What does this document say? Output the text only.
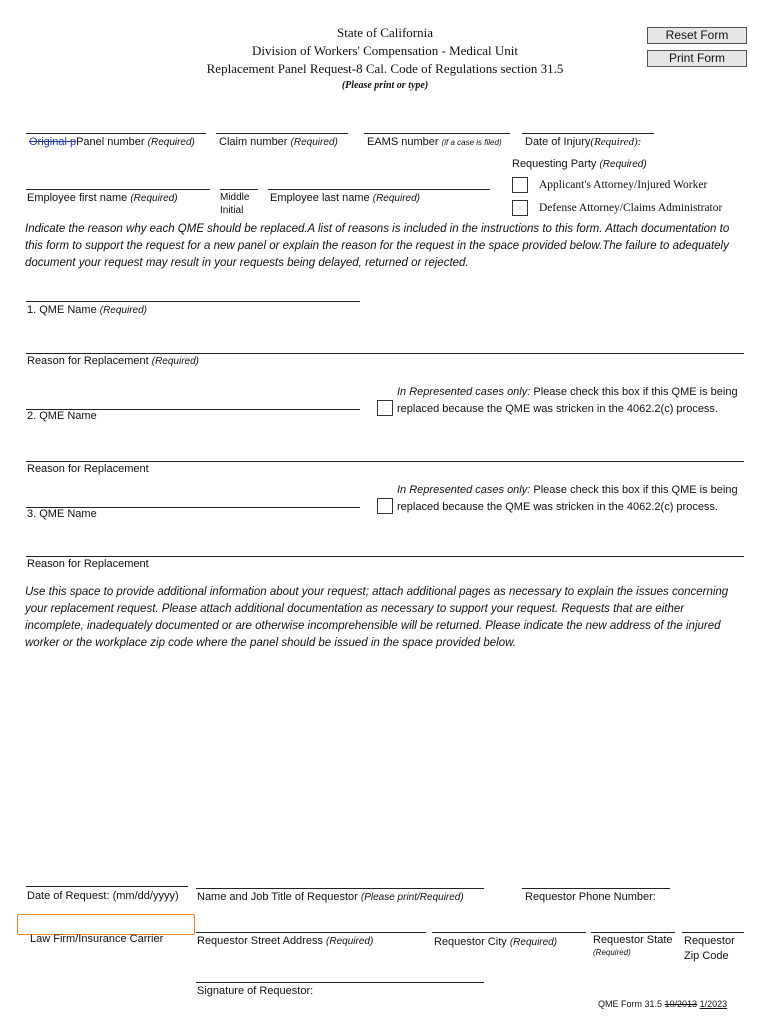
State of California
Division of Workers' Compensation - Medical Unit
Replacement Panel Request-8 Cal. Code of Regulations section 31.5
(Please print or type)
Reset Form
Print Form
Original pPanel number (Required) Claim number (Required)	EAMS number (if a case is filed) Date of Injury(Required):
Requesting Party (Required)
Applicant's Attorney/Injured Worker
Defense Attorney/Claims Administrator
Employee first name (Required)	Middle
Initial
Employee last name (Required)
Indicate the reason why each QME should be replaced.A list of reasons is included in the instructions to this form. Attach documentation to this form to support the request for a new panel or explain the reason for the request in the space provided below.The failure to adequately document your request may result in your requests being delayed, returned or rejected.
1. QME Name (Required)
Reason for Replacement (Required)
In Represented cases only: Please check this box if this QME is being replaced because the QME was stricken in the 4062.2(c) process.
2. QME Name
Reason for Replacement
In Represented cases only: Please check this box if this QME is being replaced because the QME was stricken in the 4062.2(c) process.
3. QME Name
Reason for Replacement
Use this space to provide additional information about your request; attach additional pages as necessary to explain the issues concerning your replacement request. Please attach additional documentation as necessary to support your request. Requests that are either incomplete, inadequately documented or are otherwise incomprehensible will be returned. Please indicate the new address of the injured worker or the workplace zip code where the panel should be issued in the space provided below.
Date of Request: (mm/dd/yyyy) Name and Job Title of Requestor (Please print/Required)	Requestor Phone Number:
Law Firm/Insurance Carrier	Requestor Street Address (Required)	Requestor City (Required)	Requestor State
(Required)
Requestor
Zip Code
Signature of Requestor:
QME Form 31.5 10/2013 1/2023
